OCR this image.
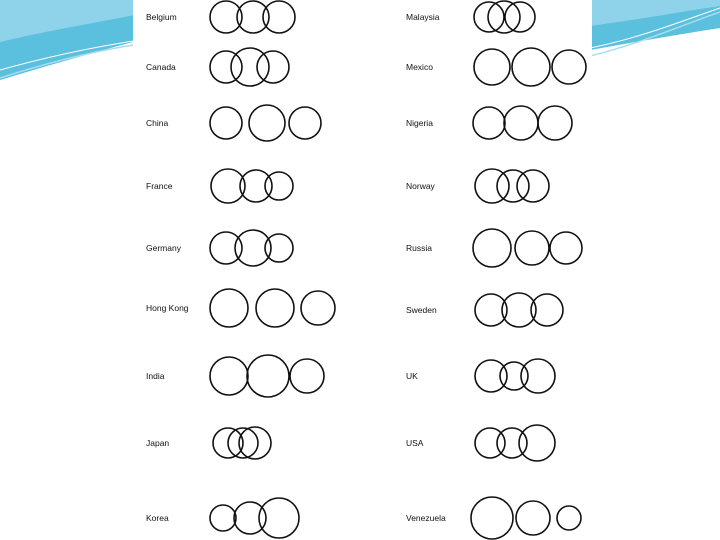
Belgium
Canada
China
France
Germany
Hong Kong
India
Japan
Korea
Malaysia
Mexico
Nigeria
Norway
Russia
Sweden
UK
USA
Venezuela
